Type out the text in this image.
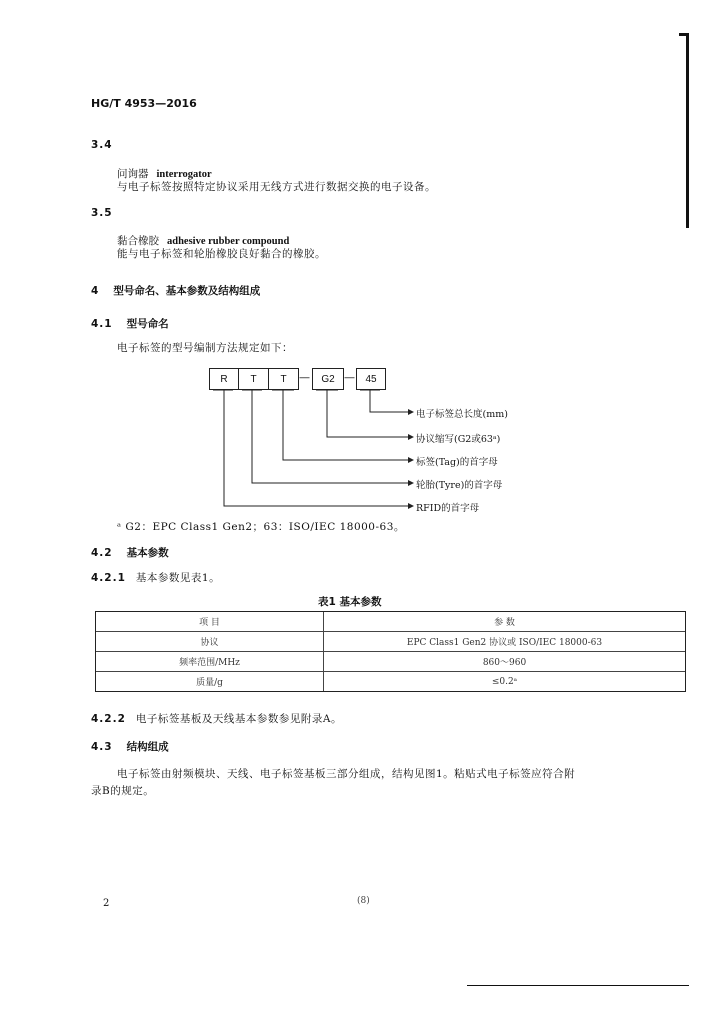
HG/T 4953—2016
3.4
问询器 interrogator
与电子标签按照特定协议采用无线方式进行数据交换的电子设备。
3.5
黏合橡胶 adhesive rubber compound
能与电子标签和轮胎橡胶良好黏合的橡胶。
4 型号命名、基本参数及结构组成
4.1 型号命名
电子标签的型号编制方法规定如下：
R	T	T	—	G2 —	45
电子标签总长度(mm)
协议缩写(G2或63ᵃ)
标签(Tag)的首字母
轮胎(Tyre)的首字母
RFID的首字母
ᵃ G2：EPC Class1 Gen2；63：ISO/IEC 18000-63。
4.2 基本参数
4.2.1 基本参数见表1。
表1 基本参数
项 目	参 数
协议	EPC Class1 Gen2 协议或 ISO/IEC 18000-63
频率范围/MHz	860～960
质量/g	≤0.2ᵃ
4.2.2 电子标签基板及天线基本参数参见附录A。
4.3 结构组成
电子标签由射频模块、天线、电子标签基板三部分组成，结构见图1。粘贴式电子标签应符合附
录B的规定。
2	(8)
